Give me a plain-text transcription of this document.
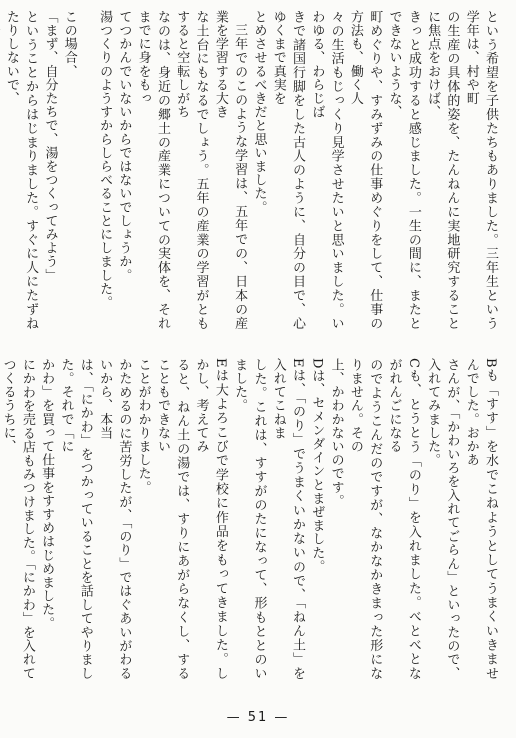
という希望を子供たちもありました。三年生という学年は、村や町
の生産の具体的姿を、たんねんに実地研究することに焦点をおけば、
きっと成功すると感じました。一生の間に、またとできないような、
町めぐりや、すみずみの仕事めぐりをして、仕事の方法も、働く人
々の生活もじっくり見学させたいと思いました。いわゆる、わらじば
きで諸国行脚をした古人のように、自分の目で、心ゆくまで真実を
とめさせるべきだと思いました。
三年でのこのような学習は、五年での、日本の産業を学習する大き
な土台にもなるでしょう。五年の産業の学習がともすると空転しがち
なのは、身近の郷土の産業についての実体を、それまでに身をもっ
てつかんでいないからではないでしょうか。
湯つくりのようすからしらべることにしました。
この場合、
「まず、自分たちで、湯をつくってみよう」
ということからはじまりました。すぐに人にたずねたりしないで、
Bも「すす」を水でこねようとしてうまくいきませんでした。おかあ
さんが、「かわいろを入れてごらん」といったので、入れてみました。
Cも、とうとう「のり」を入れました。べとべとながれんごになる
のでようこんだのですが、なかなかきまった形になりません。その
上、かわかないのです。
Dは、セメンダインとまぜました。
Eは、「のり」でうまくいかないので、「ねん土」を入れてこねま
した。これは、すすがのたになって、形もととのいました。
Eは大よろこびで学校に作品をもってきました。しかし、考えてみ
ると、ねん土の湯では、すりにあがらなくし、することもできない
ことがわかりました。
かためるのに苦労したが、「のり」ではぐあいがわるいから、本当
は、「にかわ」をつかっていることを話してやりました。それで「に
かわ」を買って仕事をすすめはじめました。
にかわを売る店もみつけました。「にかわ」を入れてつくるうちに、
— 51 —
